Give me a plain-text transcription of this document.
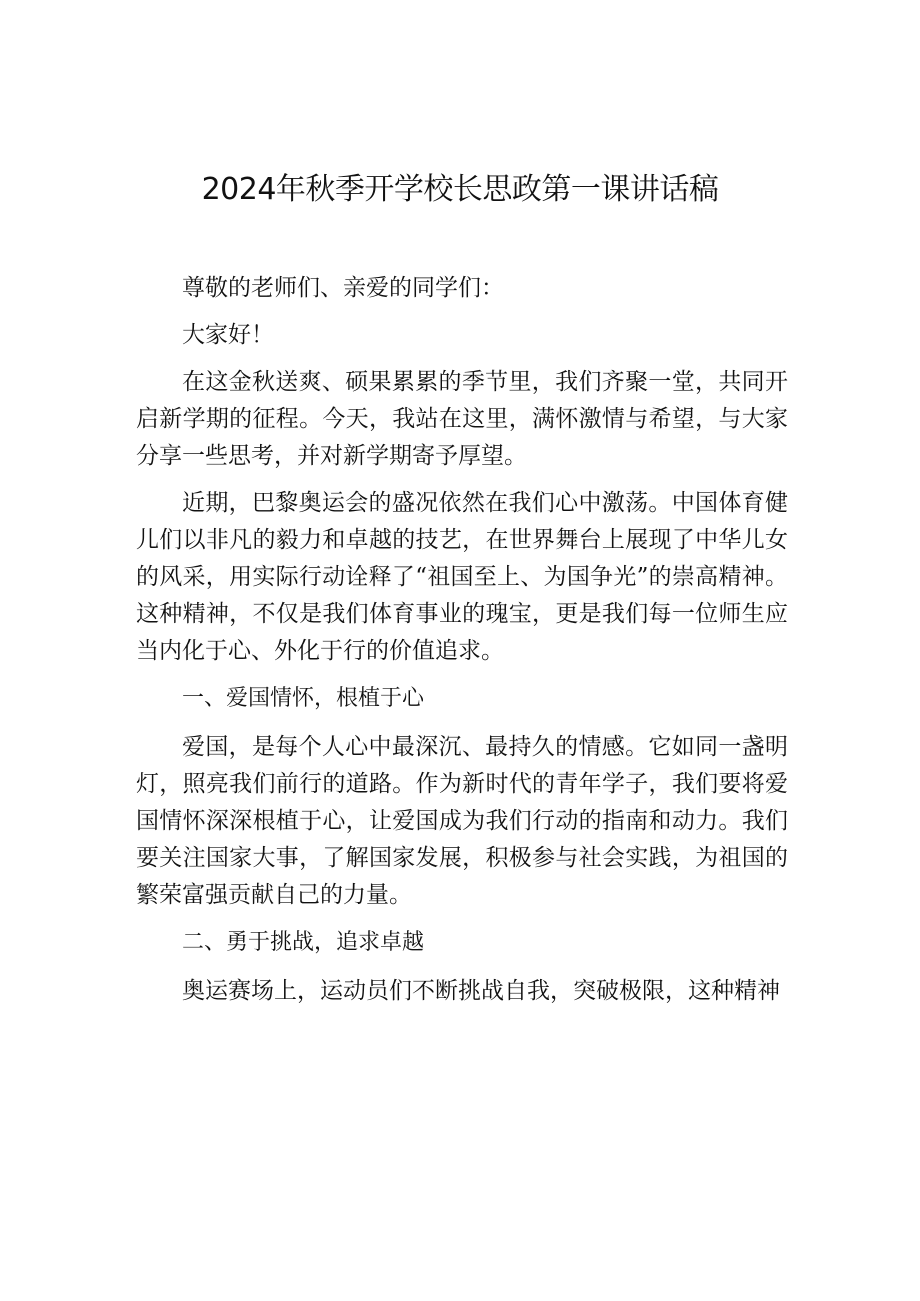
2024年秋季开学校长思政第一课讲话稿

尊敬的老师们、亲爱的同学们：

大家好！

在这金秋送爽、硕果累累的季节里，我们齐聚一堂，共同开启新学期的征程。今天，我站在这里，满怀激情与希望，与大家分享一些思考，并对新学期寄予厚望。

近期，巴黎奥运会的盛况依然在我们心中激荡。中国体育健儿们以非凡的毅力和卓越的技艺，在世界舞台上展现了中华儿女的风采，用实际行动诠释了“祖国至上、为国争光”的崇高精神。这种精神，不仅是我们体育事业的瑰宝，更是我们每一位师生应当内化于心、外化于行的价值追求。

一、爱国情怀，根植于心

爱国，是每个人心中最深沉、最持久的情感。它如同一盏明灯，照亮我们前行的道路。作为新时代的青年学子，我们要将爱国情怀深深根植于心，让爱国成为我们行动的指南和动力。我们要关注国家大事，了解国家发展，积极参与社会实践，为祖国的繁荣富强贡献自己的力量。

二、勇于挑战，追求卓越

奥运赛场上，运动员们不断挑战自我，突破极限，这种精神
